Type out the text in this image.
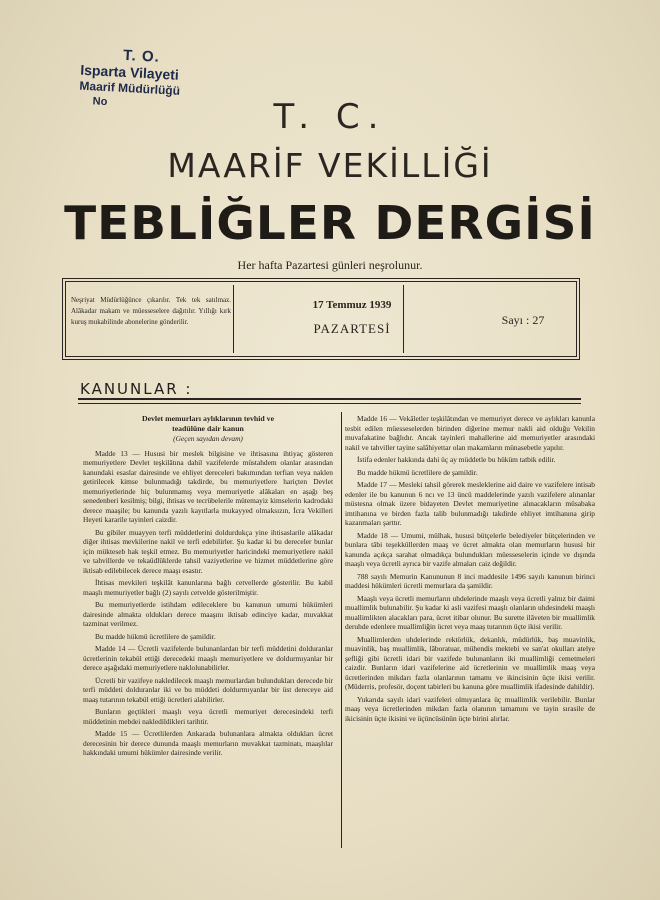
T. O.
Isparta Vilayeti
Maarif Müdürlüğü
No	T. C.
MAARİF VEKİLLİĞİ
TEBLİĞLER DERGİSİ
Her hafta Pazartesi günleri neşrolunur.
Neşriyat Müdürlüğünce çıkarılır. Tek tek satılmaz. Alâkadar makam ve müesseselere dağıtılır. Yıllığı kırk kuruş mukabilinde abonelerine gönderilir.
17 Temmuz 1939
PAZARTESİ
Sayı : 27
KANUNLAR :
Devlet memurları aylıklarının tevhid ve
teadülüne dair kanun
(Geçen sayıdan devam)

Madde 13 — Hususi bir meslek bilgisine ve ihtisasına ihtiyaç gösteren memuriyetlere Devlet teşkilâtına dahil vazifelerde müstahdem olanlar arasından kanundaki esaslar dairesinde ve ehliyet dereceleri bakımından terfian veya naklen getirilecek kimse bulunmadığı takdirde, bu memuriyetlere hariçten Devlet memuriyetlerinde hiç bulunmamış veya memuriyetle alâkaları en aşağı beş senedenberi kesilmiş; bilgi, ihtisas ve tecrübelerile mütemayiz kimselerin kadrodaki derece maaşile; bu kanunda yazılı kayıtlarla mukayyed olmaksızın, İcra Vekilleri Heyeti kararile tayinleri caizdir.

Bu gibiler muayyen terfi müddetlerini doldurdukça yine ihtisaslarile alâkadar diğer ihtisas mevkilerine nakil ve terfi edebilirler. Şu kadar ki bu dereceler bunlar için mükteseb hak teşkil etmez. Bu memuriyetler haricindeki memuriyetlere nakil ve tahvillerde ve tekaüdlüklerde tahsil vaziyetlerine ve hizmet müddetlerine göre iktisab edilebilecek derece maaşı esastır.

İhtisas mevkileri teşkilât kanunlarına bağlı cetvellerde gösterilir. Bu kabil maaşlı memuriyetler bağlı (2) sayılı cetvelde gösterilmiştir.

Bu memuriyetlerde istihdam edilecеklere bu kanunun umumi hükümleri dairesinde almakta oldukları derece maaşını iktisab edinciye kadar, muvakkat tazminat verilmez.

Bu madde hükmü ücretlilere de şamildir.

Madde 14 — Ücretli vazifelerde bulunanlardan bir terfi müddetini dolduranlar ücretlerinin tekabül ettiği derecedeki maaşlı memuriyetlere ve doldurmıyanlar bir derece aşağıdaki memuriyetlere naklolunabilirler.

Ücretli bir vazifeye nakledilecek maaşlı memurlardan bulundukları derecede bir terfi müddeti dolduranlar iki ve bu müddeti doldurmıyanlar bir üst dereceye aid maaş tutarının tekabül ettiği ücretleri alabilirler.

Bunların geçtikleri maaşlı veya ücretli memuriyet derecesindeki terfi müddetinin mebdei nakledildikleri tarihtir.

Madde 15 — Ücretlilerden Ankarada bulunanlara almakta oldukları ücret derecesinin bir derece dununda maaşlı memurların muvakkat tazminatı, maaşlılar hakkındaki umumi hükümler dairesinde verilir.

Madde 16 — Vekâletler teşkilâtından ve memuriyet derece ve aylıkları kanunla tesbit edilen müesseselerden birinden diğerine memur nakli aid olduğu Vekilin muvafakatine bağlıdır. Ancak tayinleri mahallerine aid memuriyetler arasındaki nakil ve tahviller tayine salâhiyettar olan makamların münasebetle yapılır.

İstifa edenler hakkında dahi üç ay müddetle bu hüküm tatbik edilir.

Bu madde hükmü ücretlilere de şamildir.

Madde 17 — Mesleki tahsil görerek mesleklerine aid daire ve vazifelere intisab edenler ile bu kanunun 6 ncı ve 13 üncü maddelerinde yazılı vazifelere alınanlar müstesna olmak üzere bidayeten Devlet memuriyetine alınacakların müsabaka imtihanına ve birden fazla talib bulunmadığı takdirde ehliyet imtihanına girip kazanmaları şarttır.

Madde 18 — Umumi, mülhak, hususi bütçelerle belediyeler bütçelerinden ve bunlara tâbi teşekküllerden maaş ve ücret almakta olan memurların hususi bir kanunda açıkça sarahat olmadıkça bulundukları müesseselerin içinde ve dışında maaşlı veya ücretli ayrıca bir vazife almaları caiz değildir.

788 sayılı Memurin Kanununun 8 inci maddesile 1496 sayılı kanunun birinci maddesi hükümleri ücretli memurlara da şamildir.

Maaşlı veya ücretli memurların uhdelerinde maaşlı veya ücretli yalnız bir daimi muallimlik bulunabilir. Şu kadar ki asli vazifesi maaşlı olanların uhdesindeki maaşlı muallimlikten alacakları para, ücret itibar olunur. Bu surette ilâveten bir muallimlik deruhde edenlere muallimliğin ücret veya maaş tutarının üçte ikisi verilir.

Muallimlerden uhdelerinde rektörlük, dekanlık, müdürlük, baş muavinlik, muavinlik, baş muallimlik, lâboratuar, mühendis mektebi ve san'at okulları atelye şefliği gibi ücretli idari bir vazifede bulunanların iki muallimliği cemetmeleri caizdir. Bunların idari vazifelerine aid ücretlerinin ve muallimlik maaş veya ücretlerinden mikdarı fazla olanlarının tamamı ve ikincisinin üçte ikisi verilir. (Müderris, profesör, doçent tabirleri bu kanuna göre muallimlik ifadesinde dahildir).

Yukarıda sayılı idari vazifeleri olmıyanlara üç muallimlik verilebilir. Bunlar maaş veya ücretlerinden mikdarı fazla olanının tamamını ve tayin sırasile de ikicisinin üçte ikisini ve üçüncüsünün üçte birini alırlar.
